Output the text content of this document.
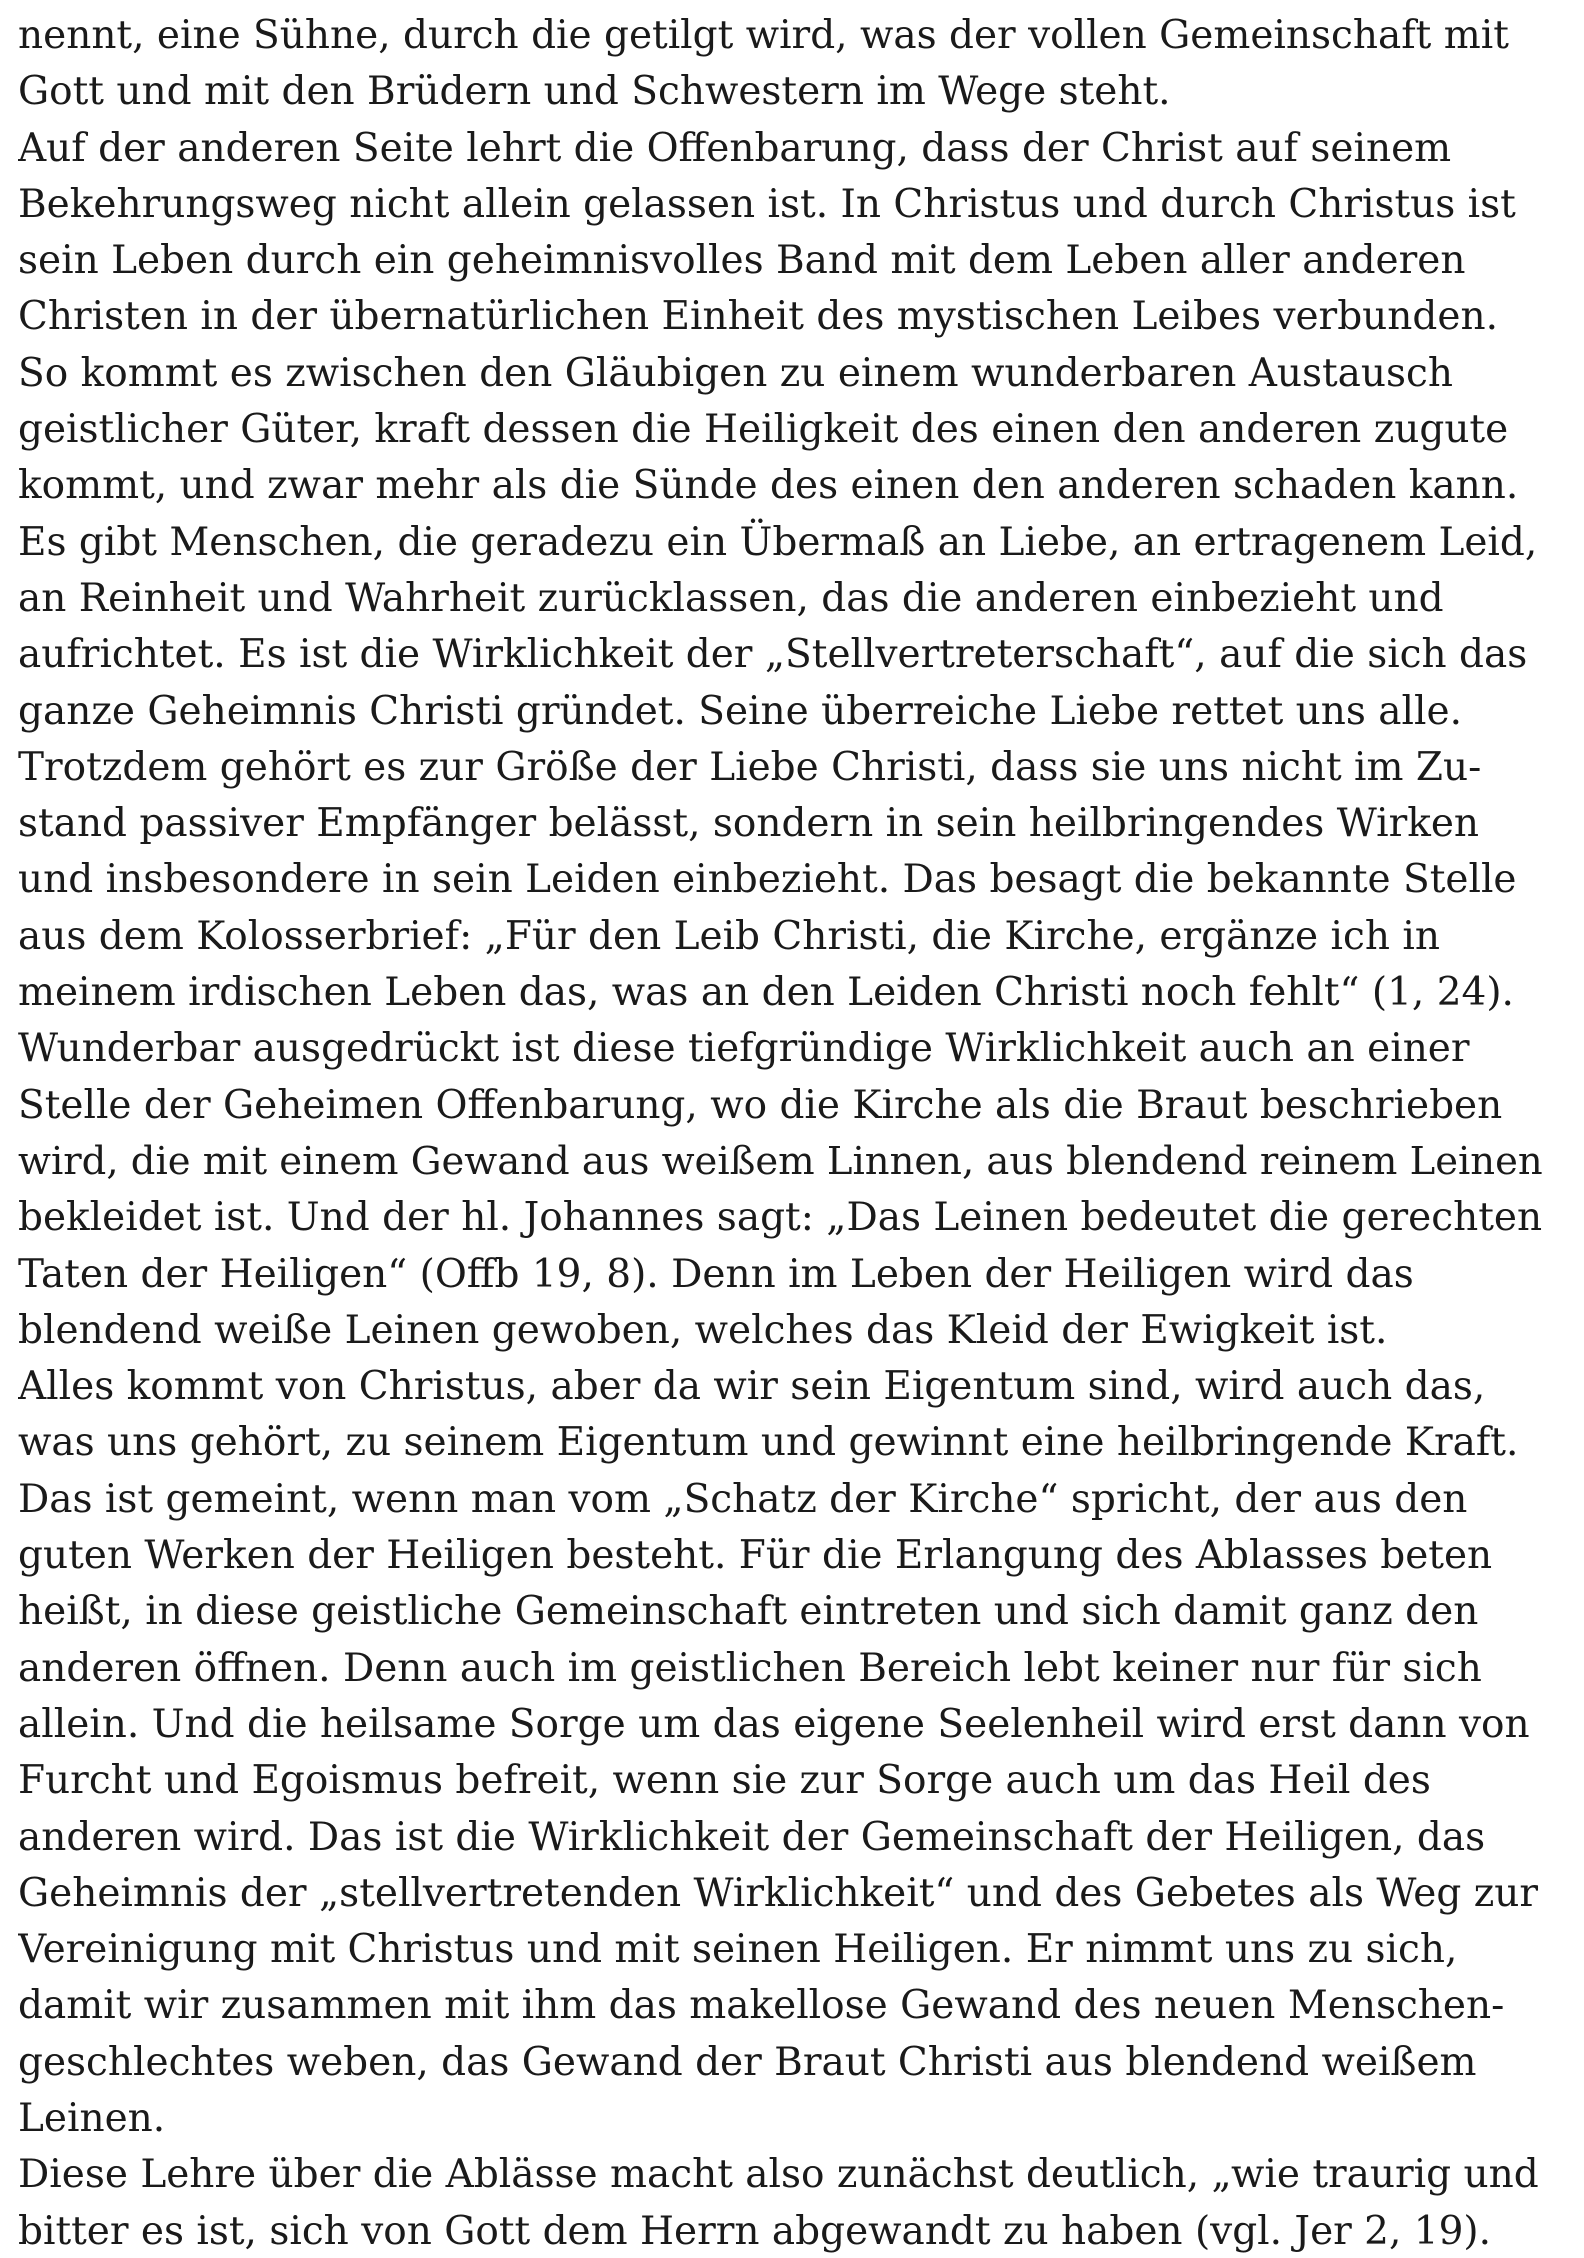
nennt, eine Sühne, durch die getilgt wird, was der vollen Gemeinschaft mit
Gott und mit den Brüdern und Schwestern im Wege steht.
Auf der anderen Seite lehrt die Offenbarung, dass der Christ auf seinem
Bekehrungsweg nicht allein gelassen ist. In Christus und durch Christus ist
sein Leben durch ein geheimnisvolles Band mit dem Leben aller anderen
Christen in der übernatürlichen Einheit des mystischen Leibes verbunden.
So kommt es zwischen den Gläubigen zu einem wunderbaren Austausch
geistlicher Güter, kraft dessen die Heiligkeit des einen den anderen zugute
kommt, und zwar mehr als die Sünde des einen den anderen schaden kann.
Es gibt Menschen, die geradezu ein Übermaß an Liebe, an ertragenem Leid,
an Reinheit und Wahrheit zurücklassen, das die anderen einbezieht und
aufrichtet. Es ist die Wirklichkeit der „Stellvertreterschaft“, auf die sich das
ganze Geheimnis Christi gründet. Seine überreiche Liebe rettet uns alle.
Trotzdem gehört es zur Größe der Liebe Christi, dass sie uns nicht im Zu-
stand passiver Empfänger belässt, sondern in sein heilbringendes Wirken
und insbesondere in sein Leiden einbezieht. Das besagt die bekannte Stelle
aus dem Kolosserbrief: „Für den Leib Christi, die Kirche, ergänze ich in
meinem irdischen Leben das, was an den Leiden Christi noch fehlt“ (1, 24).
Wunderbar ausgedrückt ist diese tiefgründige Wirklichkeit auch an einer
Stelle der Geheimen Offenbarung, wo die Kirche als die Braut beschrieben
wird, die mit einem Gewand aus weißem Linnen, aus blendend reinem Leinen
bekleidet ist. Und der hl. Johannes sagt: „Das Leinen bedeutet die gerechten
Taten der Heiligen“ (Offb 19, 8). Denn im Leben der Heiligen wird das
blendend weiße Leinen gewoben, welches das Kleid der Ewigkeit ist.
Alles kommt von Christus, aber da wir sein Eigentum sind, wird auch das,
was uns gehört, zu seinem Eigentum und gewinnt eine heilbringende Kraft.
Das ist gemeint, wenn man vom „Schatz der Kirche“ spricht, der aus den
guten Werken der Heiligen besteht. Für die Erlangung des Ablasses beten
heißt, in diese geistliche Gemeinschaft eintreten und sich damit ganz den
anderen öffnen. Denn auch im geistlichen Bereich lebt keiner nur für sich
allein. Und die heilsame Sorge um das eigene Seelenheil wird erst dann von
Furcht und Egoismus befreit, wenn sie zur Sorge auch um das Heil des
anderen wird. Das ist die Wirklichkeit der Gemeinschaft der Heiligen, das
Geheimnis der „stellvertretenden Wirklichkeit“ und des Gebetes als Weg zur
Vereinigung mit Christus und mit seinen Heiligen. Er nimmt uns zu sich,
damit wir zusammen mit ihm das makellose Gewand des neuen Menschen-
geschlechtes weben, das Gewand der Braut Christi aus blendend weißem
Leinen.
Diese Lehre über die Ablässe macht also zunächst deutlich, „wie traurig und
bitter es ist, sich von Gott dem Herrn abgewandt zu haben (vgl. Jer 2, 19).
